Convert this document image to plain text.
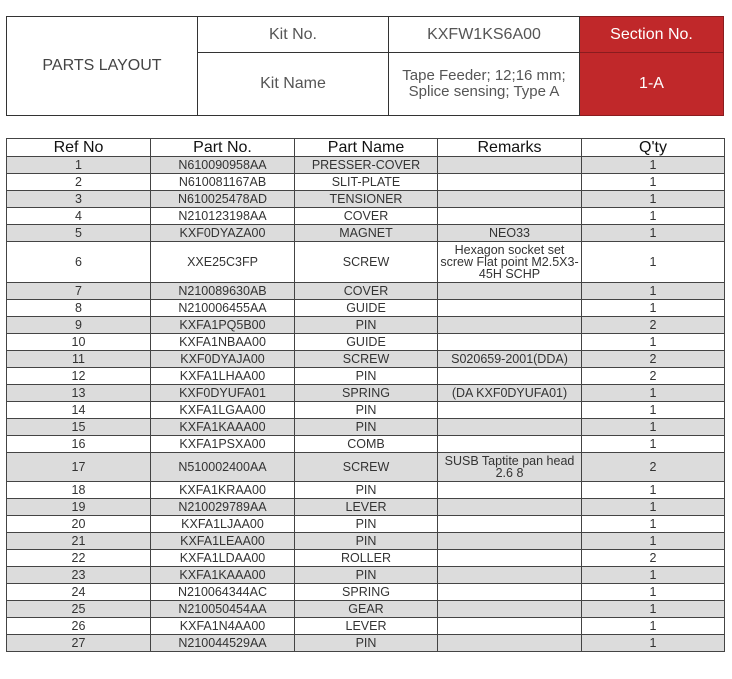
PARTS LAYOUT	Kit No.	KXFW1KS6A00	Section No.
	Kit Name	Tape Feeder; 12;16 mm; Splice sensing; Type A	1-A
Ref No	Part No.	Part Name	Remarks	Q'ty
1	N610090958AA	PRESSER-COVER		1
2	N610081167AB	SLIT-PLATE		1
3	N610025478AD	TENSIONER		1
4	N210123198AA	COVER		1
5	KXF0DYAZA00	MAGNET	NEO33	1
6	XXE25C3FP	SCREW	Hexagon socket set screw Flat point M2.5X3-45H SCHP	1
7	N210089630AB	COVER		1
8	N210006455AA	GUIDE		1
9	KXFA1PQ5B00	PIN		2
10	KXFA1NBAA00	GUIDE		1
11	KXF0DYAJA00	SCREW	S020659-2001(DDA)	2
12	KXFA1LHAA00	PIN		2
13	KXF0DYUFA01	SPRING	(DA KXF0DYUFA01)	1
14	KXFA1LGAA00	PIN		1
15	KXFA1KAAA00	PIN		1
16	KXFA1PSXA00	COMB		1
17	N510002400AA	SCREW	SUSB Taptite pan head 2.6 8	2
18	KXFA1KRAA00	PIN		1
19	N210029789AA	LEVER		1
20	KXFA1LJAA00	PIN		1
21	KXFA1LEAA00	PIN		1
22	KXFA1LDAA00	ROLLER		2
23	KXFA1KAAA00	PIN		1
24	N210064344AC	SPRING		1
25	N210050454AA	GEAR		1
26	KXFA1N4AA00	LEVER		1
27	N210044529AA	PIN		1
